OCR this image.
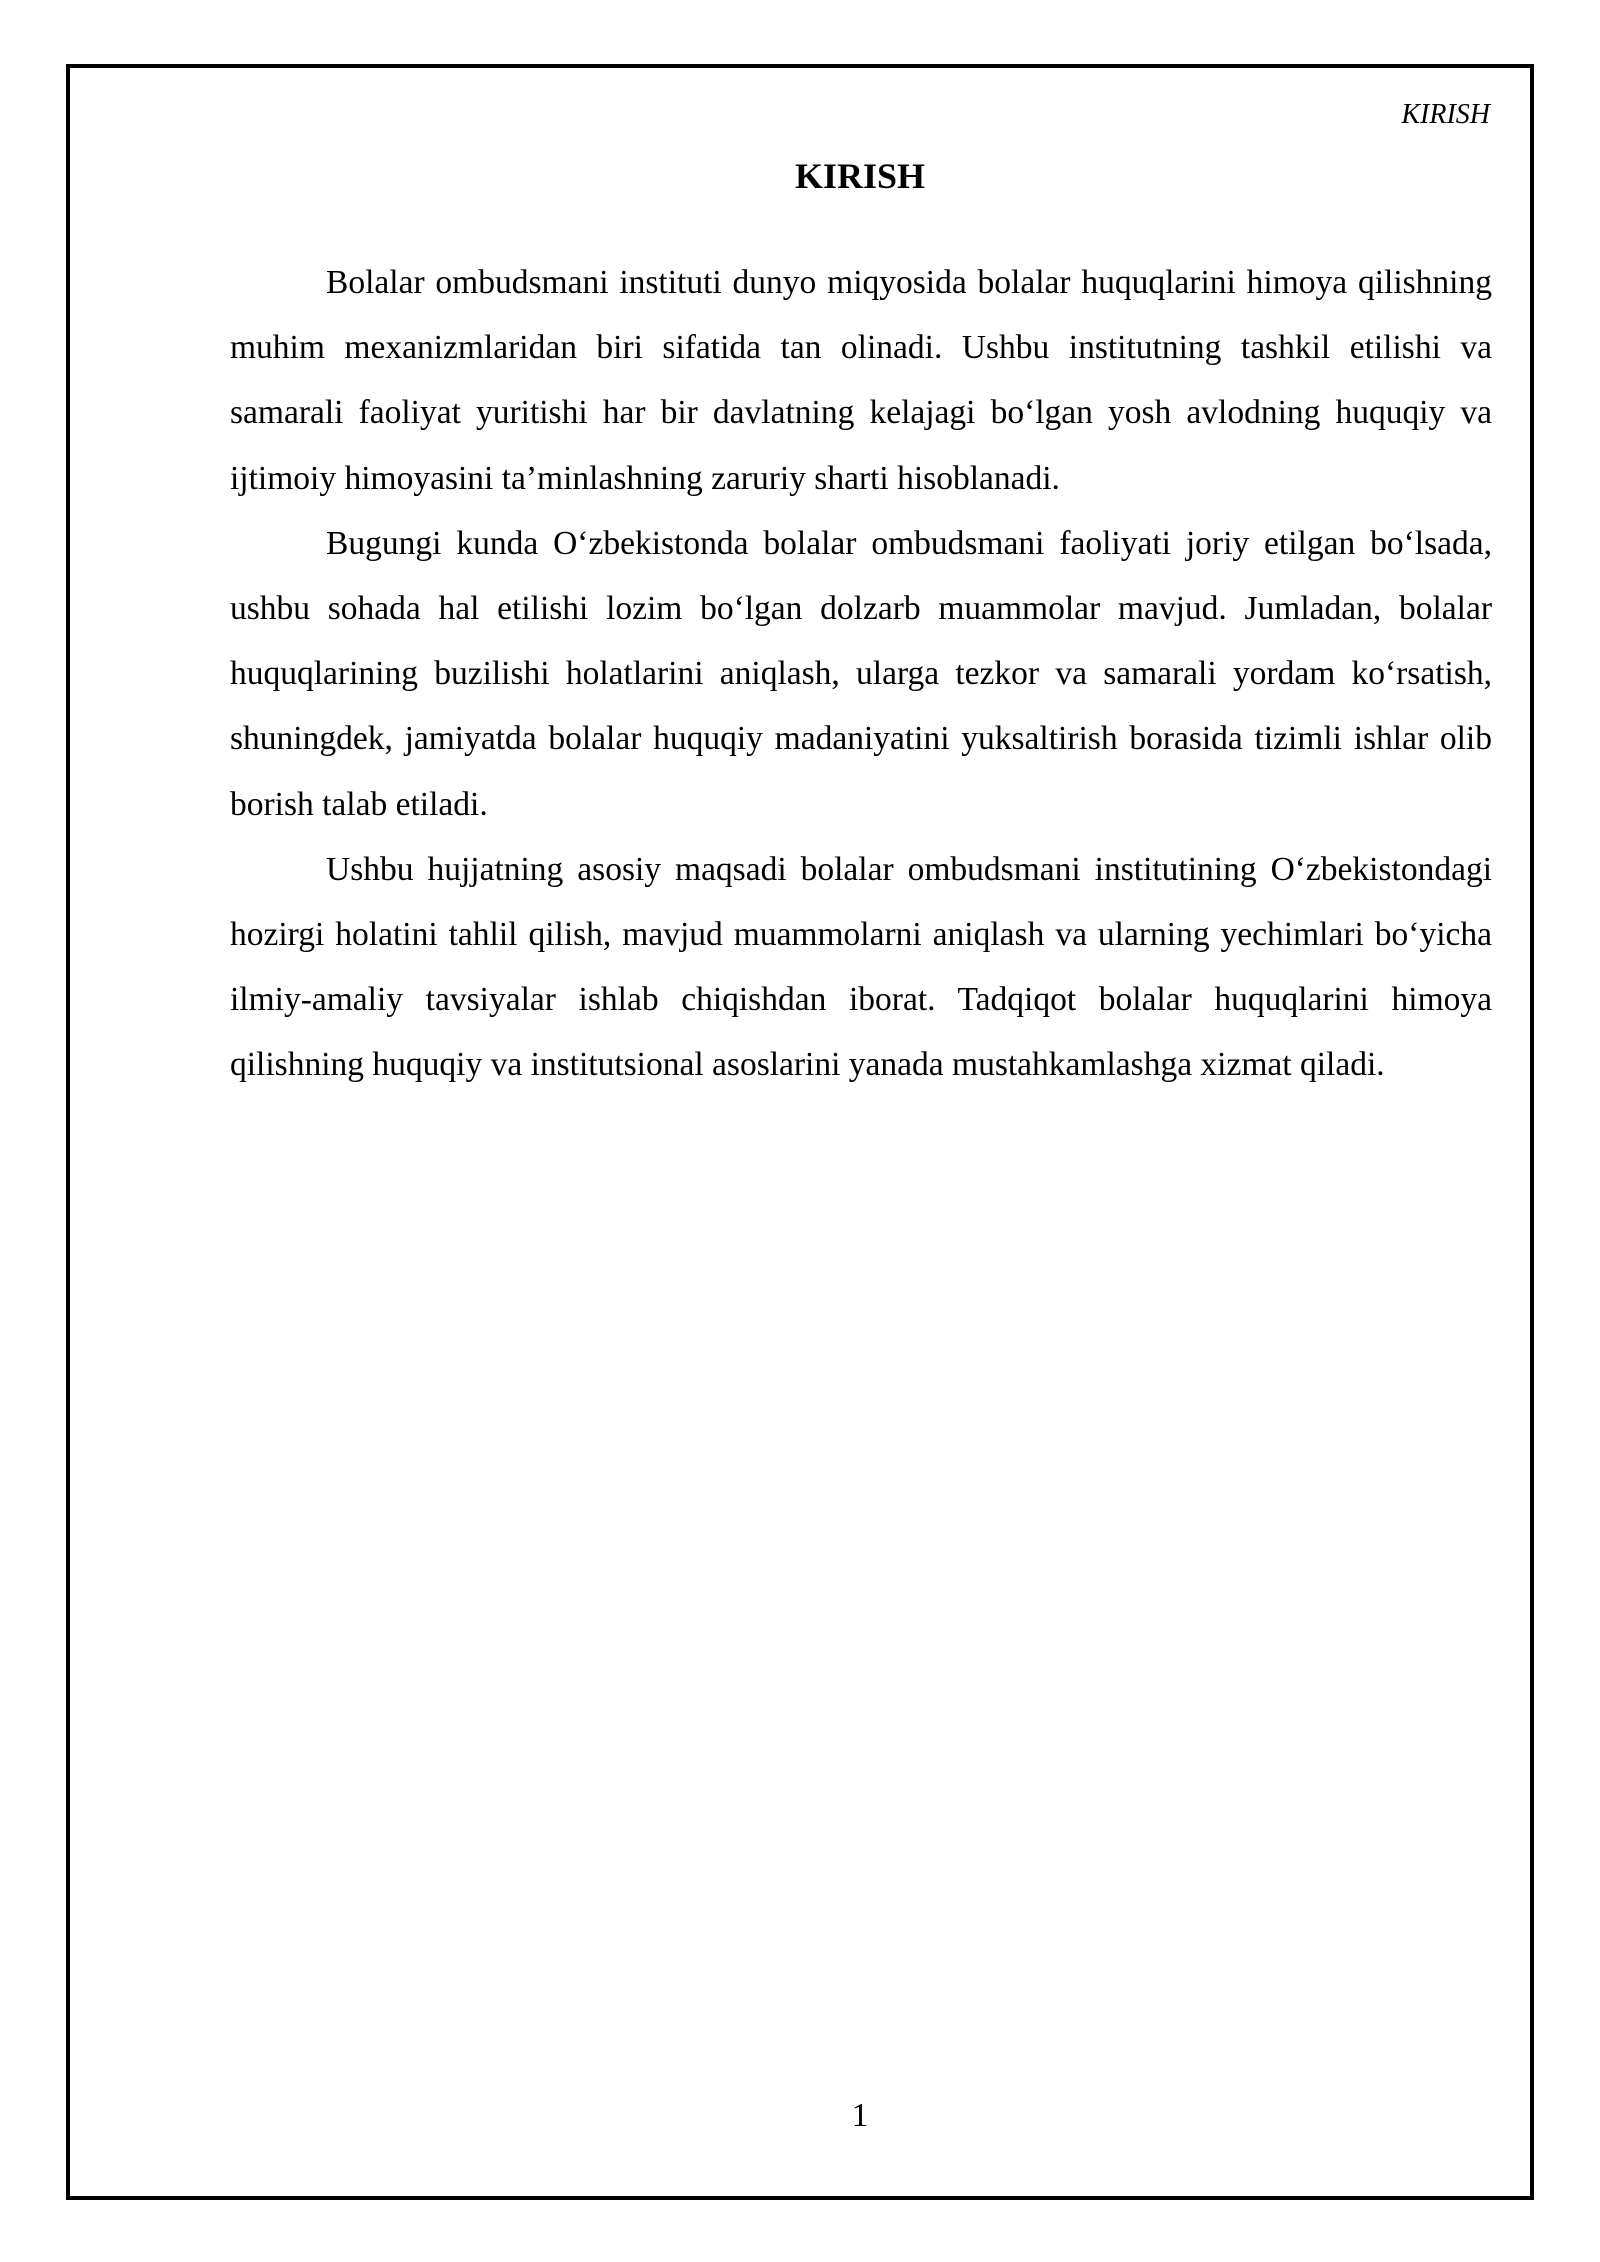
KIRISH
KIRISH

Bolalar ombudsmani instituti dunyo miqyosida bolalar huquqlarini himoya qilishning muhim mexanizmlaridan biri sifatida tan olinadi. Ushbu institutning tashkil etilishi va samarali faoliyat yuritishi har bir davlatning kelajagi bo‘lgan yosh avlodning huquqiy va ijtimoiy himoyasini ta’minlashning zaruriy sharti hisoblanadi.

Bugungi kunda O‘zbekistonda bolalar ombudsmani faoliyati joriy etilgan bo‘lsada, ushbu sohada hal etilishi lozim bo‘lgan dolzarb muammolar mavjud. Jumladan, bolalar huquqlarining buzilishi holatlarini aniqlash, ularga tezkor va samarali yordam ko‘rsatish, shuningdek, jamiyatda bolalar huquqiy madaniyatini yuksaltirish borasida tizimli ishlar olib borish talab etiladi.

Ushbu hujjatning asosiy maqsadi bolalar ombudsmani institutining O‘zbekistondagi hozirgi holatini tahlil qilish, mavjud muammolarni aniqlash va ularning yechimlari bo‘yicha ilmiy-amaliy tavsiyalar ishlab chiqishdan iborat. Tadqiqot bolalar huquqlarini himoya qilishning huquqiy va institutsional asoslarini yanada mustahkamlashga xizmat qiladi.

1
